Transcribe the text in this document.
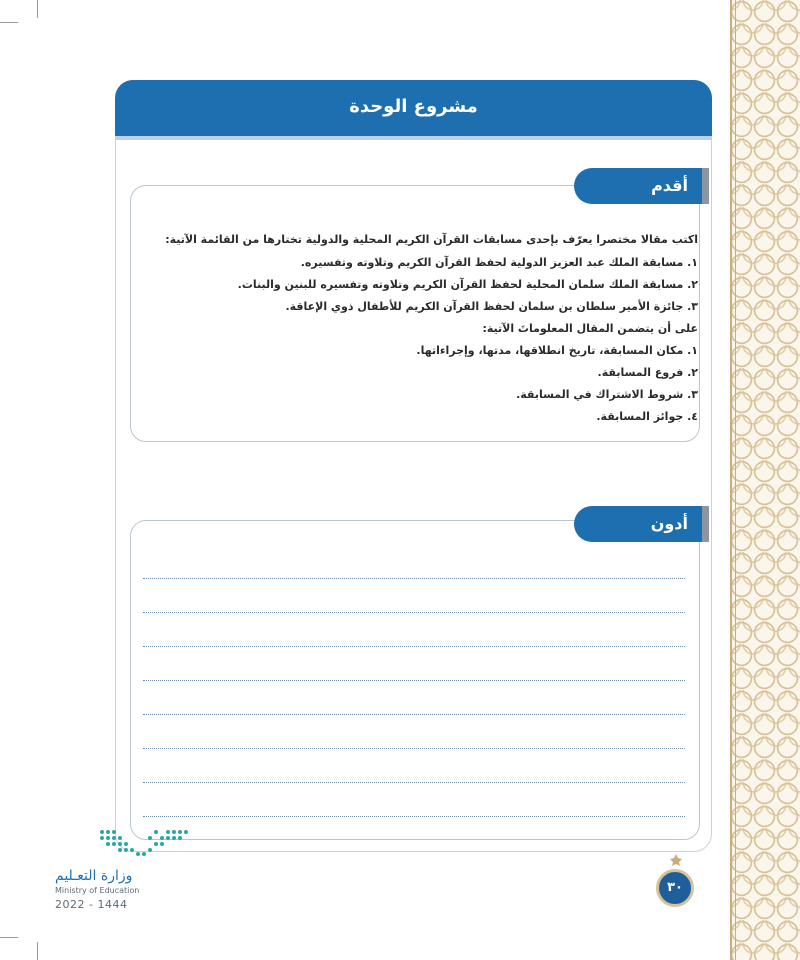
مشروع الوحدة
أقدم مشروعاً
اكتب مقالا مختصرا يعرّف بإحدى مسابقات القرآن الكريم المحلية والدولية تختارها من القائمة الآتية:
١. مسابقة الملك عبد العزيز الدولية لحفظ القرآن الكريم وتلاوته وتفسيره.
٢. مسابقة الملك سلمان المحلية لحفظ القرآن الكريم وتلاوته وتفسيره للبنين والبنات.
٣. جائزة الأمير سلطان بن سلمان لحفظ القرآن الكريم للأطفال ذوي الإعاقة.
على أن يتضمن المقال المعلوماتَ الآتية:
١. مكان المسابقة، تاريخ انطلاقها، مدتها، وإجراءاتها.
٢. فروع المسابقة.
٣. شروط الاشتراك في المسابقة.
٤. جوائز المسابقة.
أدون ملاحظاتي
وزارة التعـليم
Ministry of Education
2022 - 1444
٣٠
